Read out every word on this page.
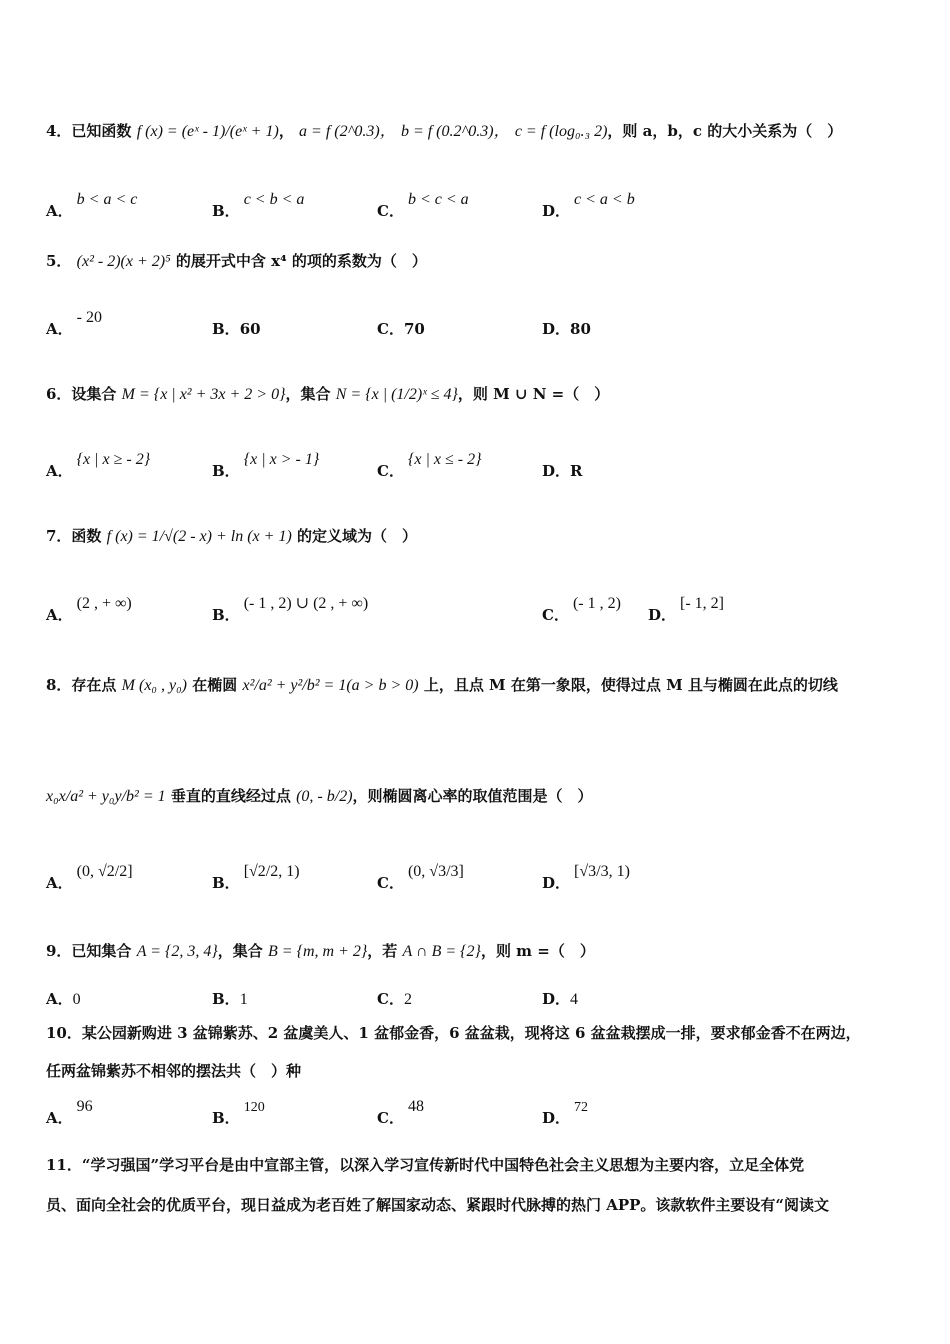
4．已知函数 f (x) = (eˣ - 1)/(eˣ + 1)， a = f (2^0.3)， b = f (0.2^0.3)， c = f (log₀.₃ 2)，则 a，b，c 的大小关系为（　）
A．b < a < c
B．c < b < a
C．b < c < a
D．c < a < b
5． (x² - 2)(x + 2)⁵ 的展开式中含 x⁴ 的项的系数为（　）
A．- 20
B．60	C．70	D．80
6．设集合 M = {x | x² + 3x + 2 > 0}，集合 N = {x | (1/2)ˣ ≤ 4}，则 M ∪ N =（　）
A．{x | x ≥ - 2}
B．{x | x > - 1}
C．{x | x ≤ - 2}
D．R
7．函数 f (x) = 1/√(2 - x) + ln (x + 1) 的定义域为（　）
A．(2 , + ∞)
B．(- 1 , 2) ∪ (2 , + ∞)
C．(- 1 , 2)
D．[- 1, 2]
8．存在点 M (x₀ , y₀) 在椭圆 x²/a² + y²/b² = 1(a > b > 0) 上，且点 M 在第一象限，使得过点 M 且与椭圆在此点的切线
x₀x/a² + y₀y/b² = 1 垂直的直线经过点 (0, - b/2)，则椭圆离心率的取值范围是（　）
A．(0, √2/2]
B．[√2/2, 1)
C．(0, √3/3]
D．[√3/3, 1)
9．已知集合 A = {2, 3, 4}，集合 B = {m, m + 2}，若 A ∩ B = {2}，则 m =（　）
A．0	B．1	C．2	D．4
10．某公园新购进 3 盆锦紫苏、2 盆虞美人、1 盆郁金香，6 盆盆栽，现将这 6 盆盆栽摆成一排，要求郁金香不在两边，
任两盆锦紫苏不相邻的摆法共（　）种
A．96
B．120
C．48
D．72
11．“学习强国”学习平台是由中宣部主管，以深入学习宣传新时代中国特色社会主义思想为主要内容，立足全体党
员、面向全社会的优质平台，现日益成为老百姓了解国家动态、紧跟时代脉搏的热门 APP。该款软件主要设有“阅读文
